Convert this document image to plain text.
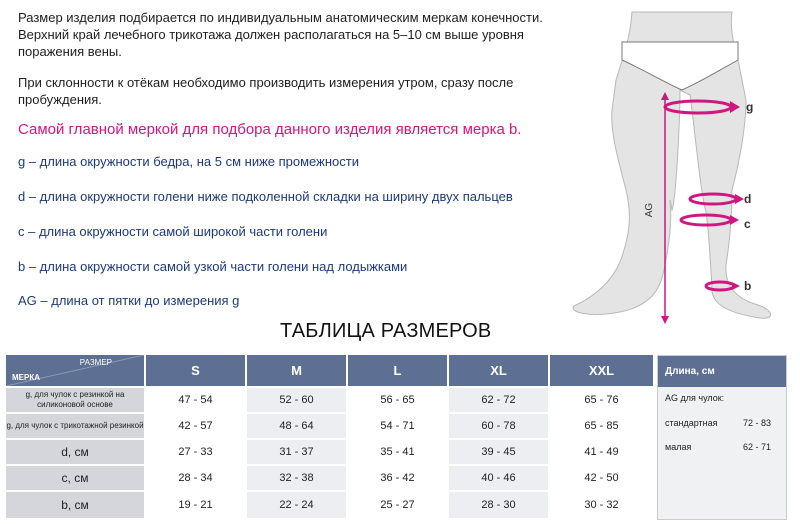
Размер изделия подбирается по индивидуальным анатомическим меркам конечности. Верхний край лечебного трикотажа должен располагаться на 5–10 см выше уровня поражения вены.

При склонности к отёкам необходимо производить измерения утром, сразу после пробуждения.

Самой главной меркой для подбора данного изделия является мерка b.
g – длина окружности бедра, на 5 см ниже промежности
d – длина окружности голени ниже подколенной складки на ширину двух пальцев
c – длина окружности самой широкой части голени
b – длина окружности самой узкой части голени над лодыжками
AG – длина от пятки до измерения g
AG
g
d
c
b
ТАБЛИЦА РАЗМЕРОВ
РАЗМЕР
МЕРКА	S	M	L	XL	XXL
g, для чулок с резинкой на силиконовой основе	47 - 54	52 - 60	56 - 65	62 - 72	65 - 76
g, для чулок с трикотажной резинкой	42 - 57	48 - 64	54 - 71	60 - 78	65 - 85
d, см	27 - 33	31 - 37	35 - 41	39 - 45	41 - 49
c, см	28 - 34	32 - 38	36 - 42	40 - 46	42 - 50
b, см	19 - 21	22 - 24	25 - 27	28 - 30	30 - 32
Длина, см
AG для чулок:
стандартная	72 - 83
малая	62 - 71
